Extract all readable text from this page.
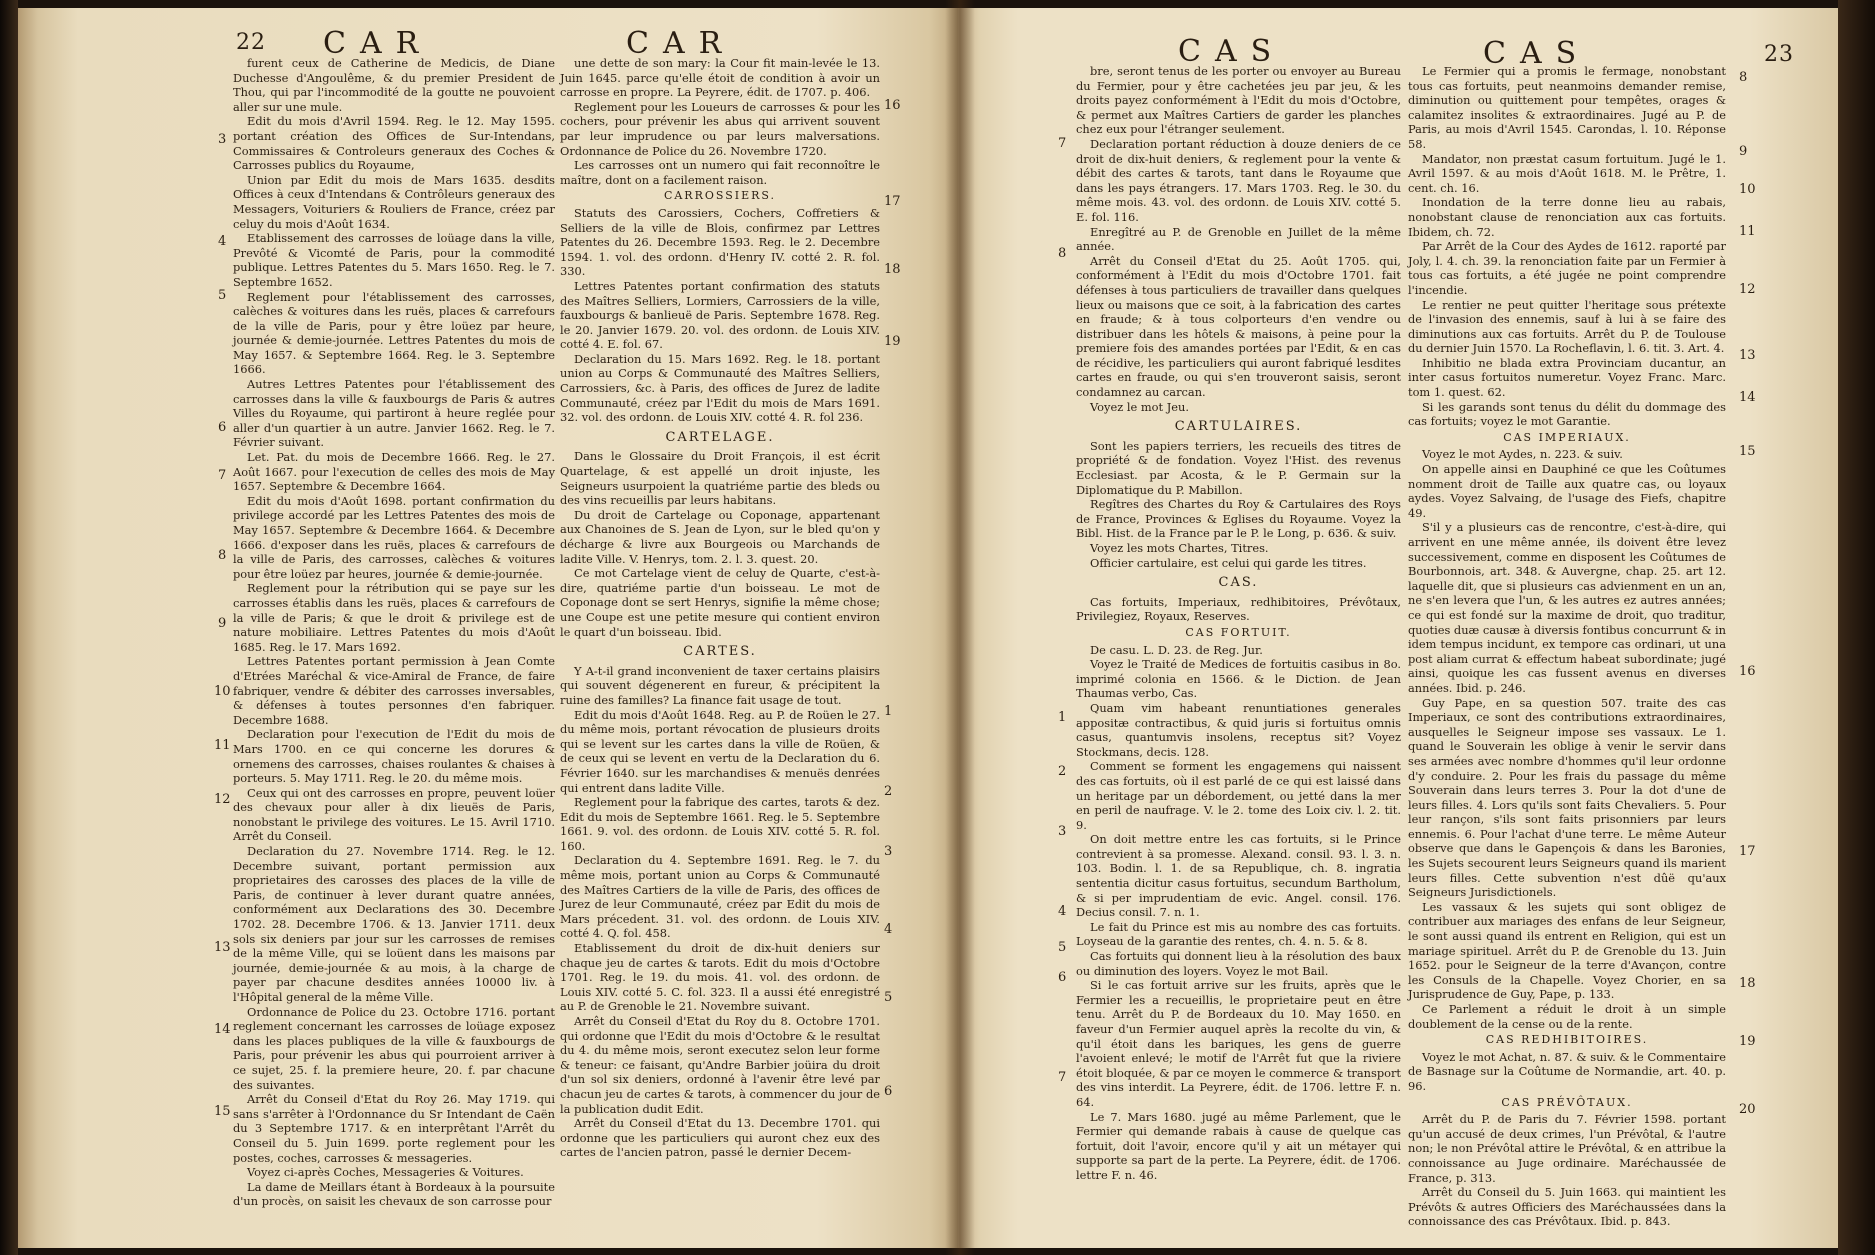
22 CAR	CAR

furent ceux de Catherine de Medicis, de Diane Duchesse d'Angoulême, & du premier President de Thou, qui par l'incommodité de la goutte ne pouvoient aller sur une mule.

Edit du mois d'Avril 1594. Reg. le 12. May 1595. portant création des Offices de Sur-Intendans, Commissaires & Controleurs generaux des Coches & Carrosses publics du Royaume,

Union par Edit du mois de Mars 1635. desdits Offices à ceux d'Intendans & Contrôleurs generaux des Messagers, Voituriers & Rouliers de France, créez par celuy du mois d'Août 1634.

Etablissement des carrosses de loüage dans la ville, Prevôté & Vicomté de Paris, pour la commodité publique. Lettres Patentes du 5. Mars 1650. Reg. le 7. Septembre 1652.

Reglement pour l'établissement des carrosses, calèches & voitures dans les ruës, places & carrefours de la ville de Paris, pour y être loüez par heure, journée & demie-journée. Lettres Patentes du mois de May 1657. & Septembre 1664. Reg. le 3. Septembre 1666.

Autres Lettres Patentes pour l'établissement des carrosses dans la ville & fauxbourgs de Paris & autres Villes du Royaume, qui partiront à heure reglée pour aller d'un quartier à un autre. Janvier 1662. Reg. le 7. Février suivant.

Let. Pat. du mois de Decembre 1666. Reg. le 27. Août 1667. pour l'execution de celles des mois de May 1657. Septembre & Decembre 1664.

Edit du mois d'Août 1698. portant confirmation du privilege accordé par les Lettres Patentes des mois de May 1657. Septembre & Decembre 1664. & Decembre 1666. d'exposer dans les ruës, places & carrefours de la ville de Paris, des carrosses, calèches & voitures pour être loüez par heures, journée & demie-journée.

Reglement pour la rétribution qui se paye sur les carrosses établis dans les ruës, places & carrefours de la ville de Paris; & que le droit & privilege est de nature mobiliaire. Lettres Patentes du mois d'Août 1685. Reg. le 17. Mars 1692.

Lettres Patentes portant permission à Jean Comte d'Etrées Maréchal & vice-Amiral de France, de faire fabriquer, vendre & débiter des carrosses inversables, & défenses à toutes personnes d'en fabriquer. Decembre 1688.

Declaration pour l'execution de l'Edit du mois de Mars 1700. en ce qui concerne les dorures & ornemens des carrosses, chaises roulantes & chaises à porteurs. 5. May 1711. Reg. le 20. du même mois.

Ceux qui ont des carrosses en propre, peuvent loüer des chevaux pour aller à dix lieuës de Paris, nonobstant le privilege des voitures. Le 15. Avril 1710. Arrêt du Conseil.

Declaration du 27. Novembre 1714. Reg. le 12. Decembre suivant, portant permission aux proprietaires des carosses des places de la ville de Paris, de continuer à lever durant quatre années, conformément aux Declarations des 30. Decembre 1702. 28. Decembre 1706. & 13. Janvier 1711. deux sols six deniers par jour sur les carrosses de remises de la même Ville, qui se loüent dans les maisons par journée, demie-journée & au mois, à la charge de payer par chacune desdites années 10000 liv. à l'Hôpital general de la même Ville.

Ordonnance de Police du 23. Octobre 1716. portant reglement concernant les carrosses de loüage exposez dans les places publiques de la ville & fauxbourgs de Paris, pour prévenir les abus qui pourroient arriver à ce sujet, 25. f. la premiere heure, 20. f. par chacune des suivantes.

Arrêt du Conseil d'Etat du Roy 26. May 1719. qui sans s'arrêter à l'Ordonnance du Sr Intendant de Caën du 3 Septembre 1717. & en interprêtant l'Arrêt du Conseil du 5. Juin 1699. porte reglement pour les postes, coches, carrosses & messageries.

Voyez ci-après Coches, Messageries & Voitures.

La dame de Meillars étant à Bordeaux à la poursuite d'un procès, on saisit les chevaux de son carrosse pour

3
4
5
6
7
8
9
10
11
12
13
14
15

une dette de son mary: la Cour fit main-levée le 13. Juin 1645. parce qu'elle étoit de condition à avoir un carrosse en propre. La Peyrere, édit. de 1707. p. 406.

Reglement pour les Loueurs de carrosses & pour les cochers, pour prévenir les abus qui arrivent souvent par leur imprudence ou par leurs malversations. Ordonnance de Police du 26. Novembre 1720.

Les carrosses ont un numero qui fait reconnoître le maître, dont on a facilement raison.

CARROSSIERS.

Statuts des Carossiers, Cochers, Coffretiers & Selliers de la ville de Blois, confirmez par Lettres Patentes du 26. Decembre 1593. Reg. le 2. Decembre 1594. 1. vol. des ordonn. d'Henry IV. cotté 2. R. fol. 330.

Lettres Patentes portant confirmation des statuts des Maîtres Selliers, Lormiers, Carrossiers de la ville, fauxbourgs & banlieuë de Paris. Septembre 1678. Reg. le 20. Janvier 1679. 20. vol. des ordonn. de Louis XIV. cotté 4. E. fol. 67.

Declaration du 15. Mars 1692. Reg. le 18. portant union au Corps & Communauté des Maîtres Selliers, Carrossiers, &c. à Paris, des offices de Jurez de ladite Communauté, créez par l'Edit du mois de Mars 1691. 32. vol. des ordonn. de Louis XIV. cotté 4. R. fol 236.

CARTELAGE.

Dans le Glossaire du Droit François, il est écrit Quartelage, & est appellé un droit injuste, les Seigneurs usurpoient la quatriéme partie des bleds ou des vins recueillis par leurs habitans.

Du droit de Cartelage ou Coponage, appartenant aux Chanoines de S. Jean de Lyon, sur le bled qu'on y décharge & livre aux Bourgeois ou Marchands de ladite Ville. V. Henrys, tom. 2. l. 3. quest. 20.

Ce mot Cartelage vient de celuy de Quarte, c'est-à-dire, quatriéme partie d'un boisseau. Le mot de Coponage dont se sert Henrys, signifie la même chose; une Coupe est une petite mesure qui contient environ le quart d'un boisseau. Ibid.

CARTES.

Y A-t-il grand inconvenient de taxer certains plaisirs qui souvent dégenerent en fureur, & précipitent la ruine des familles? La finance fait usage de tout.

Edit du mois d'Août 1648. Reg. au P. de Roüen le 27. du même mois, portant révocation de plusieurs droits qui se levent sur les cartes dans la ville de Roüen, & de ceux qui se levent en vertu de la Declaration du 6. Février 1640. sur les marchandises & menuës denrées qui entrent dans ladite Ville.

Reglement pour la fabrique des cartes, tarots & dez. Edit du mois de Septembre 1661. Reg. le 5. Septembre 1661. 9. vol. des ordonn. de Louis XIV. cotté 5. R. fol. 160.

Declaration du 4. Septembre 1691. Reg. le 7. du même mois, portant union au Corps & Communauté des Maîtres Cartiers de la ville de Paris, des offices de Jurez de leur Communauté, créez par Edit du mois de Mars précedent. 31. vol. des ordonn. de Louis XIV. cotté 4. Q. fol. 458.

Etablissement du droit de dix-huit deniers sur chaque jeu de cartes & tarots. Edit du mois d'Octobre 1701. Reg. le 19. du mois. 41. vol. des ordonn. de Louis XIV. cotté 5. C. fol. 323. Il a aussi été enregistré au P. de Grenoble le 21. Novembre suivant.

Arrêt du Conseil d'Etat du Roy du 8. Octobre 1701. qui ordonne que l'Edit du mois d'Octobre & le resultat du 4. du même mois, seront executez selon leur forme & teneur: ce faisant, qu'Andre Barbier joüira du droit d'un sol six deniers, ordonné à l'avenir être levé par chacun jeu de cartes & tarots, à commencer du jour de la publication dudit Edit.

Arrêt du Conseil d'Etat du 13. Decembre 1701. qui ordonne que les particuliers qui auront chez eux des cartes de l'ancien patron, passé le dernier Decem-

16
17
18
19
1
2
3
4
5
6
CAS	CAS	23

bre, seront tenus de les porter ou envoyer au Bureau du Fermier, pour y être cachetées jeu par jeu, & les droits payez conformément à l'Edit du mois d'Octobre, & permet aux Maîtres Cartiers de garder les planches chez eux pour l'étranger seulement.

Declaration portant réduction à douze deniers de ce droit de dix-huit deniers, & reglement pour la vente & débit des cartes & tarots, tant dans le Royaume que dans les pays étrangers. 17. Mars 1703. Reg. le 30. du même mois. 43. vol. des ordonn. de Louis XIV. cotté 5. E. fol. 116.

Enregîtré au P. de Grenoble en Juillet de la même année.

Arrêt du Conseil d'Etat du 25. Août 1705. qui, conformément à l'Edit du mois d'Octobre 1701. fait défenses à tous particuliers de travailler dans quelques lieux ou maisons que ce soit, à la fabrication des cartes en fraude; & à tous colporteurs d'en vendre ou distribuer dans les hôtels & maisons, à peine pour la premiere fois des amandes portées par l'Edit, & en cas de récidive, les particuliers qui auront fabriqué lesdites cartes en fraude, ou qui s'en trouveront saisis, seront condamnez au carcan.

Voyez le mot Jeu.

CARTULAIRES.

Sont les papiers terriers, les recueils des titres de propriété & de fondation. Voyez l'Hist. des revenus Ecclesiast. par Acosta, & le P. Germain sur la Diplomatique du P. Mabillon.

Regîtres des Chartes du Roy & Cartulaires des Roys de France, Provinces & Eglises du Royaume. Voyez la Bibl. Hist. de la France par le P. le Long, p. 636. & suiv.

Voyez les mots Chartes, Titres.

Officier cartulaire, est celui qui garde les titres.

CAS.

Cas fortuits, Imperiaux, redhibitoires, Prévôtaux, Privilegiez, Royaux, Reserves.

CAS FORTUIT.

De casu. L. D. 23. de Reg. Jur.

Voyez le Traité de Medices de fortuitis casibus in 8o. imprimé colonia en 1566. & le Diction. de Jean Thaumas verbo, Cas.

Quam vim habeant renuntiationes generales appositæ contractibus, & quid juris si fortuitus omnis casus, quantumvis insolens, receptus sit? Voyez Stockmans, decis. 128.

Comment se forment les engagemens qui naissent des cas fortuits, où il est parlé de ce qui est laissé dans un heritage par un débordement, ou jetté dans la mer en peril de naufrage. V. le 2. tome des Loix civ. l. 2. tit. 9.

On doit mettre entre les cas fortuits, si le Prince contrevient à sa promesse. Alexand. consil. 93. l. 3. n. 103. Bodin. l. 1. de sa Republique, ch. 8. ingratia sententia dicitur casus fortuitus, secundum Bartholum, & si per imprudentiam de evic. Angel. consil. 176. Decius consil. 7. n. 1.

Le fait du Prince est mis au nombre des cas fortuits. Loyseau de la garantie des rentes, ch. 4. n. 5. & 8.

Cas fortuits qui donnent lieu à la résolution des baux ou diminution des loyers. Voyez le mot Bail.

Si le cas fortuit arrive sur les fruits, après que le Fermier les a recueillis, le proprietaire peut en être tenu. Arrêt du P. de Bordeaux du 10. May 1650. en faveur d'un Fermier auquel après la recolte du vin, & qu'il étoit dans les bariques, les gens de guerre l'avoient enlevé; le motif de l'Arrêt fut que la riviere étoit bloquée, & par ce moyen le commerce & transport des vins interdit. La Peyrere, édit. de 1706. lettre F. n. 64.

Le 7. Mars 1680. jugé au même Parlement, que le Fermier qui demande rabais à cause de quelque cas fortuit, doit l'avoir, encore qu'il y ait un métayer qui supporte sa part de la perte. La Peyrere, édit. de 1706. lettre F. n. 46.

7
8
1
2
3
4
5
6
7

Le Fermier qui a promis le fermage, nonobstant tous cas fortuits, peut neanmoins demander remise, diminution ou quittement pour tempêtes, orages & calamitez insolites & extraordinaires. Jugé au P. de Paris, au mois d'Avril 1545. Carondas, l. 10. Réponse 58.

Mandator, non præstat casum fortuitum. Jugé le 1. Avril 1597. & au mois d'Août 1618. M. le Prêtre, 1. cent. ch. 16.

Inondation de la terre donne lieu au rabais, nonobstant clause de renonciation aux cas fortuits. Ibidem, ch. 72.

Par Arrêt de la Cour des Aydes de 1612. raporté par Joly, l. 4. ch. 39. la renonciation faite par un Fermier à tous cas fortuits, a été jugée ne point comprendre l'incendie.

Le rentier ne peut quitter l'heritage sous prétexte de l'invasion des ennemis, sauf à lui à se faire des diminutions aux cas fortuits. Arrêt du P. de Toulouse du dernier Juin 1570. La Rocheflavin, l. 6. tit. 3. Art. 4.

Inhibitio ne blada extra Provinciam ducantur, an inter casus fortuitos numeretur. Voyez Franc. Marc. tom 1. quest. 62.

Si les garands sont tenus du délit du dommage des cas fortuits; voyez le mot Garantie.

CAS IMPERIAUX.

Voyez le mot Aydes, n. 223. & suiv.

On appelle ainsi en Dauphiné ce que les Coûtumes nomment droit de Taille aux quatre cas, ou loyaux aydes. Voyez Salvaing, de l'usage des Fiefs, chapitre 49.

S'il y a plusieurs cas de rencontre, c'est-à-dire, qui arrivent en une même année, ils doivent être levez successivement, comme en disposent les Coûtumes de Bourbonnois, art. 348. & Auvergne, chap. 25. art 12. laquelle dit, que si plusieurs cas advienment en un an, ne s'en levera que l'un, & les autres ez autres années; ce qui est fondé sur la maxime de droit, quo traditur, quoties duæ causæ à diversis fontibus concurrunt & in idem tempus incidunt, ex tempore cas ordinari, ut una post aliam currat & effectum habeat subordinate; jugé ainsi, quoique les cas fussent avenus en diverses années. Ibid. p. 246.

Guy Pape, en sa question 507. traite des cas Imperiaux, ce sont des contributions extraordinaires, ausquelles le Seigneur impose ses vassaux. Le 1. quand le Souverain les oblige à venir le servir dans ses armées avec nombre d'hommes qu'il leur ordonne d'y conduire. 2. Pour les frais du passage du même Souverain dans leurs terres 3. Pour la dot d'une de leurs filles. 4. Lors qu'ils sont faits Chevaliers. 5. Pour leur rançon, s'ils sont faits prisonniers par leurs ennemis. 6. Pour l'achat d'une terre. Le même Auteur observe que dans le Gapençois & dans les Baronies, les Sujets secourent leurs Seigneurs quand ils marient leurs filles. Cette subvention n'est dûë qu'aux Seigneurs Jurisdictionels.

Les vassaux & les sujets qui sont obligez de contribuer aux mariages des enfans de leur Seigneur, le sont aussi quand ils entrent en Religion, qui est un mariage spirituel. Arrêt du P. de Grenoble du 13. Juin 1652. pour le Seigneur de la terre d'Avançon, contre les Consuls de la Chapelle. Voyez Chorier, en sa Jurisprudence de Guy, Pape, p. 133.

Ce Parlement a réduit le droit à un simple doublement de la cense ou de la rente.

CAS REDHIBITOIRES.

Voyez le mot Achat, n. 87. & suiv. & le Commentaire de Basnage sur la Coûtume de Normandie, art. 40. p. 96.

CAS PRÉVÔTAUX.

Arrêt du P. de Paris du 7. Février 1598. portant qu'un accusé de deux crimes, l'un Prévôtal, & l'autre non; le non Prévôtal attire le Prévôtal, & en attribue la connoissance au Juge ordinaire. Maréchaussée de France, p. 313.

Arrêt du Conseil du 5. Juin 1663. qui maintient les Prévôts & autres Officiers des Maréchaussées dans la connoissance des cas Prévôtaux. Ibid. p. 843.

8
9
10
11
12
13
14
15
16
17
18
19
20
